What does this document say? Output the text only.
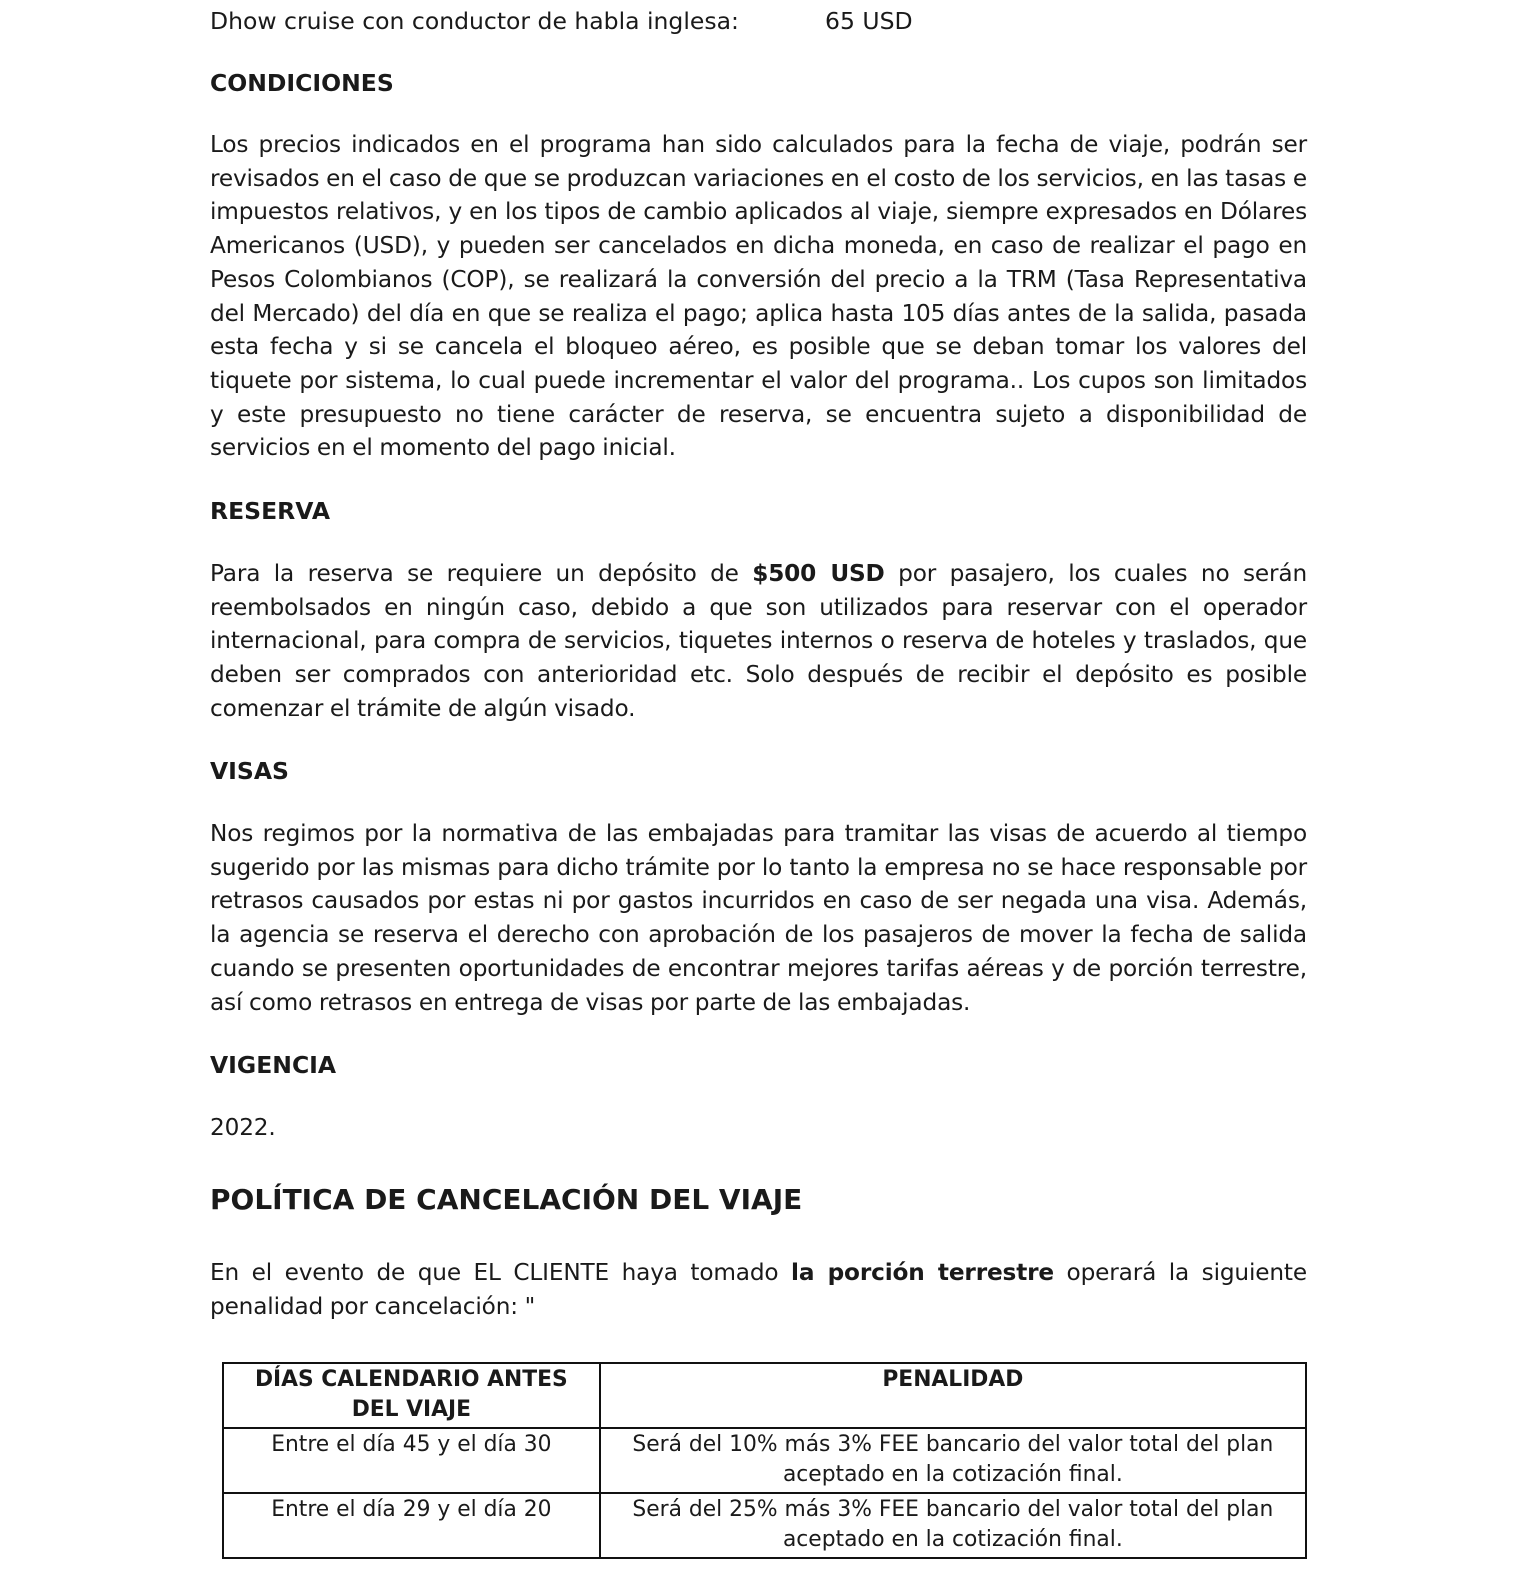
Dhow cruise con conductor de habla inglesa:	65 USD
CONDICIONES
Los precios indicados en el programa han sido calculados para la fecha de viaje, podrán ser revisados en el caso de que se produzcan variaciones en el costo de los servicios, en las tasas e impuestos relativos, y en los tipos de cambio aplicados al viaje, siempre expresados en Dólares Americanos (USD), y pueden ser cancelados en dicha moneda, en caso de realizar el pago en Pesos Colombianos (COP), se realizará la conversión del precio a la TRM (Tasa Representativa del Mercado) del día en que se realiza el pago; aplica hasta 105 días antes de la salida, pasada esta fecha y si se cancela el bloqueo aéreo, es posible que se deban tomar los valores del tiquete por sistema, lo cual puede incrementar el valor del programa.. Los cupos son limitados y este presupuesto no tiene carácter de reserva, se encuentra sujeto a disponibilidad de servicios en el momento del pago inicial.
RESERVA
Para la reserva se requiere un depósito de $500 USD por pasajero, los cuales no serán reembolsados en ningún caso, debido a que son utilizados para reservar con el operador internacional, para compra de servicios, tiquetes internos o reserva de hoteles y traslados, que deben ser comprados con anterioridad etc. Solo después de recibir el depósito es posible comenzar el trámite de algún visado.
VISAS
Nos regimos por la normativa de las embajadas para tramitar las visas de acuerdo al tiempo sugerido por las mismas para dicho trámite por lo tanto la empresa no se hace responsable por retrasos causados por estas ni por gastos incurridos en caso de ser negada una visa. Además, la agencia se reserva el derecho con aprobación de los pasajeros de mover la fecha de salida cuando se presenten oportunidades de encontrar mejores tarifas aéreas y de porción terrestre, así como retrasos en entrega de visas por parte de las embajadas.
VIGENCIA
2022.
POLÍTICA DE CANCELACIÓN DEL VIAJE
En el evento de que EL CLIENTE haya tomado la porción terrestre operará la siguiente penalidad por cancelación: "
DÍAS CALENDARIO ANTES DEL VIAJE	PENALIDAD
Entre el día 45 y el día 30	Será del 10% más 3% FEE bancario del valor total del plan aceptado en la cotización final.
Entre el día 29 y el día 20	Será del 25% más 3% FEE bancario del valor total del plan aceptado en la cotización final.
